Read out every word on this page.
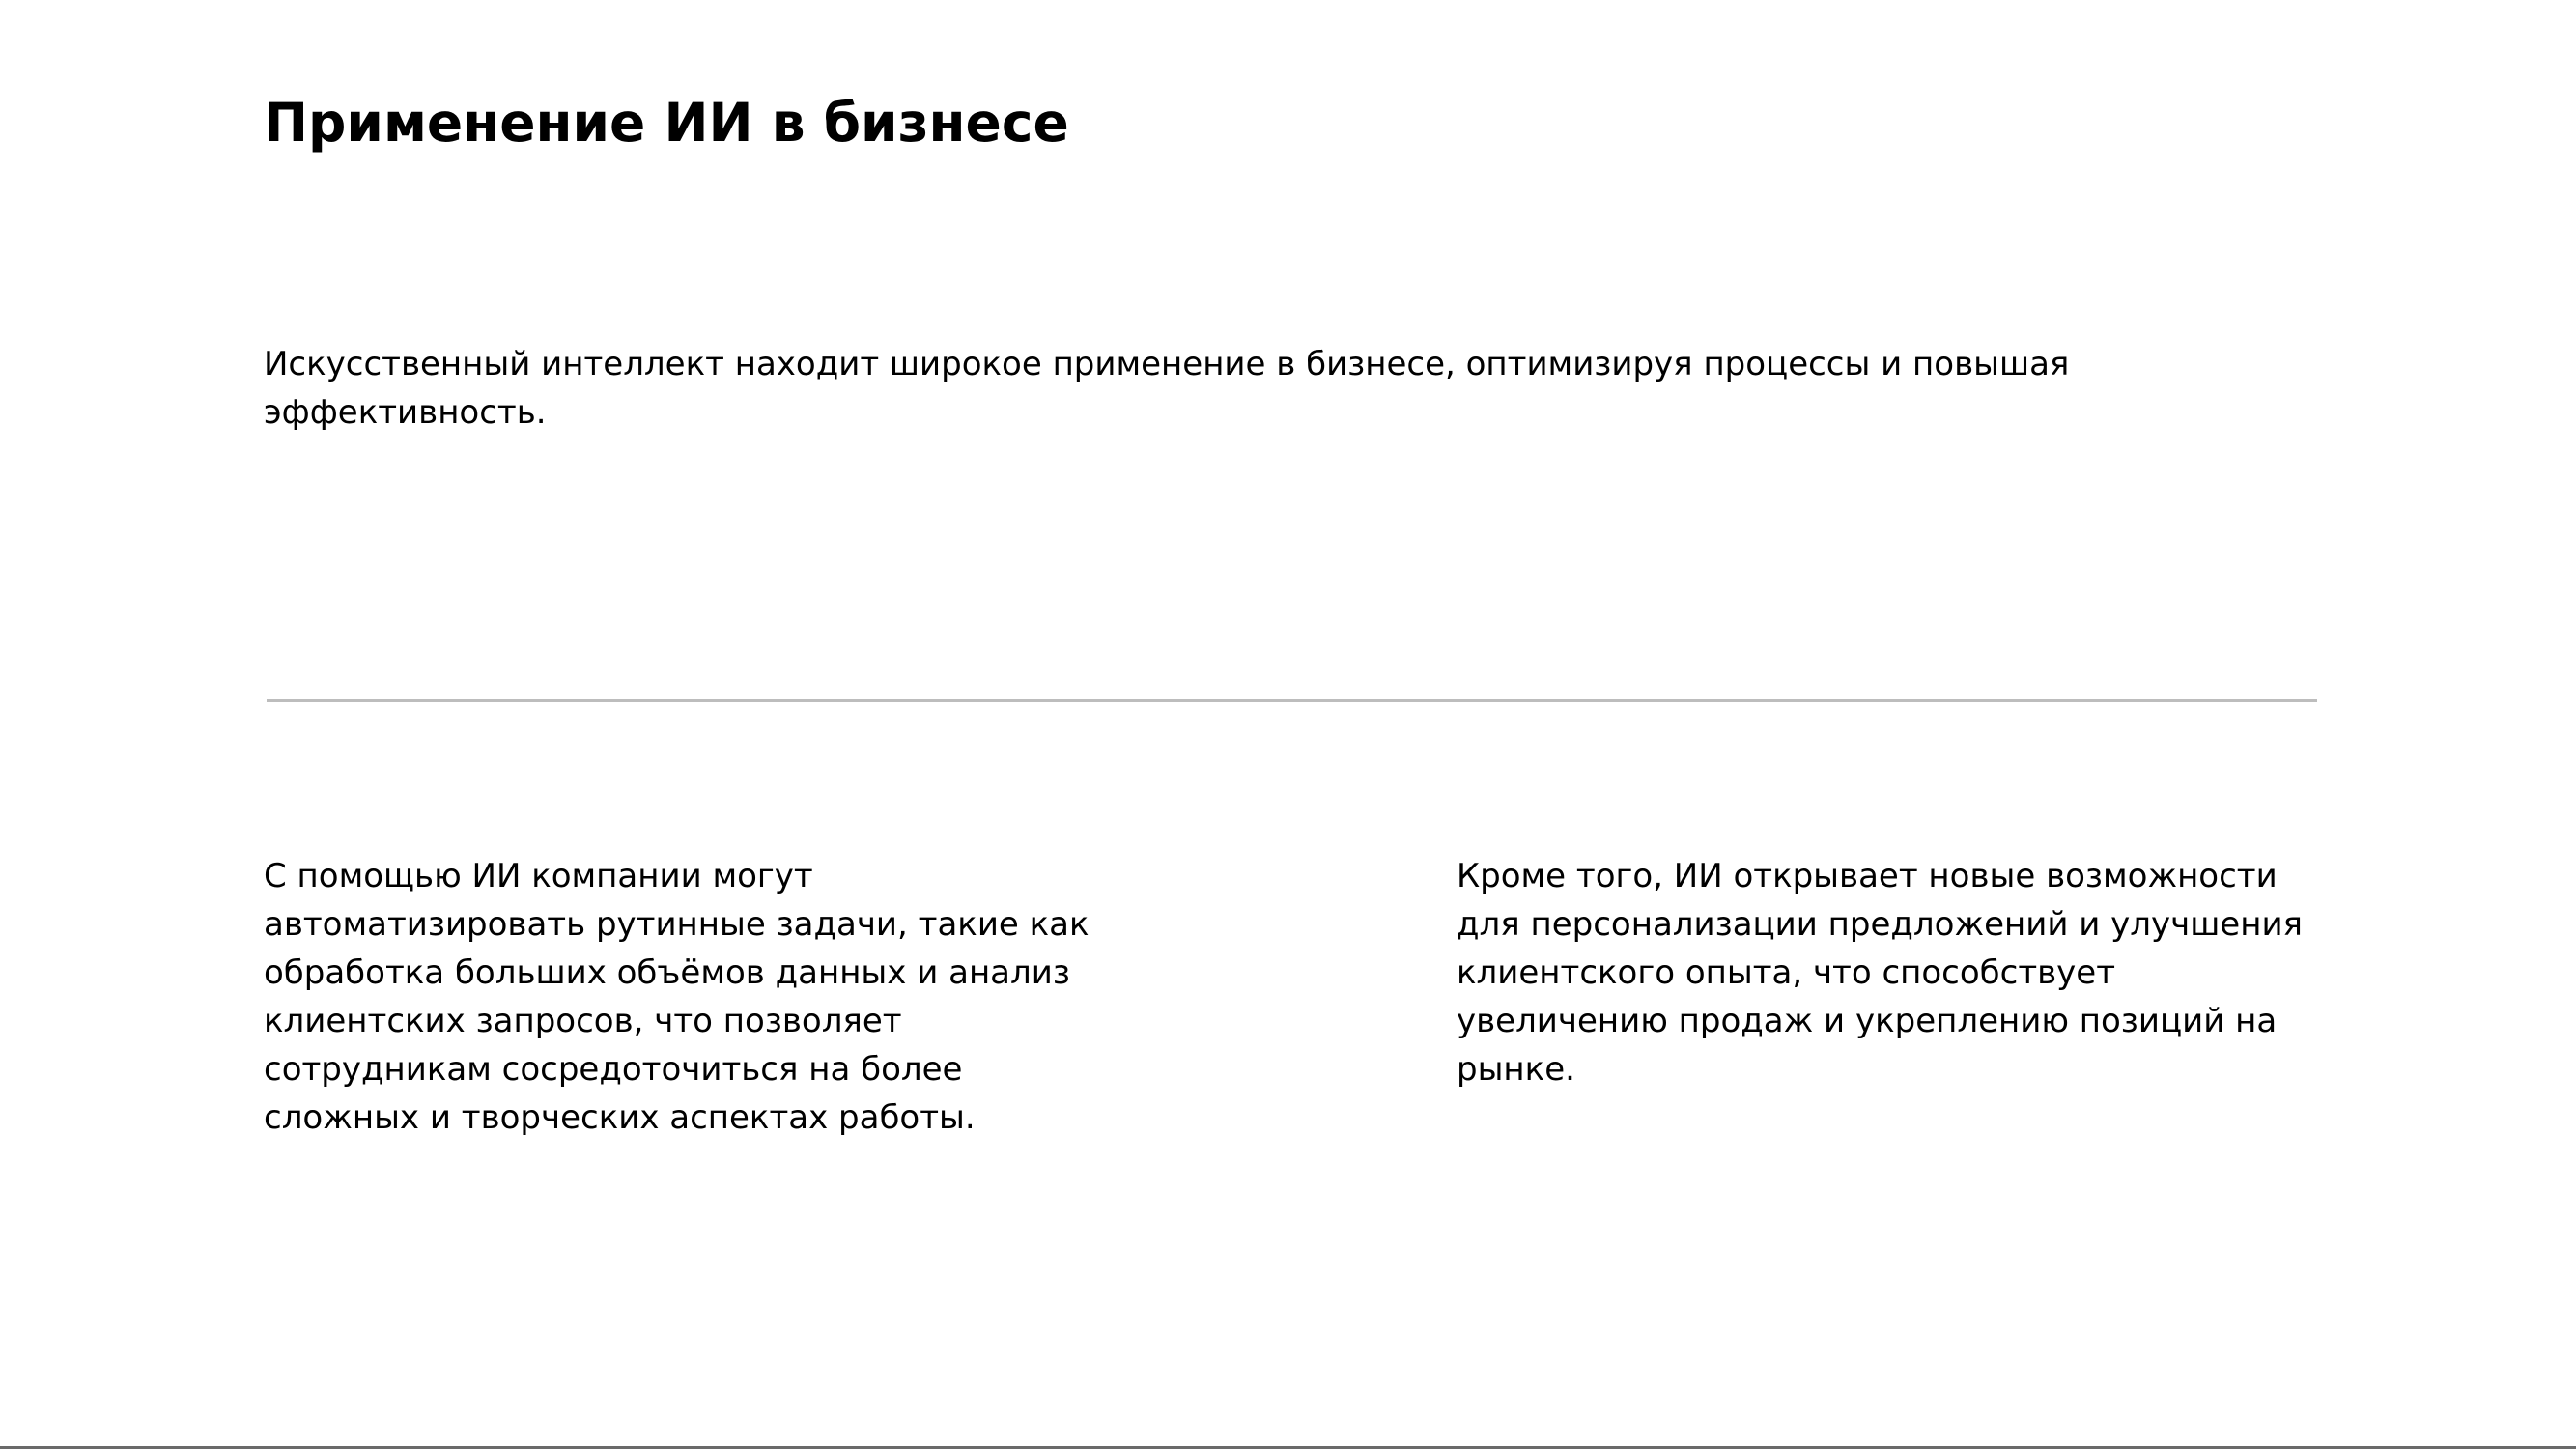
Применение ИИ в бизнесе

Искусственный интеллект находит широкое применение в бизнесе, оптимизируя процессы и повышая эффективность.

С помощью ИИ компании могут автоматизировать рутинные задачи, такие как обработка больших объёмов данных и анализ клиентских запросов, что позволяет сотрудникам сосредоточиться на более сложных и творческих аспектах работы.

Кроме того, ИИ открывает новые возможности для персонализации предложений и улучшения клиентского опыта, что способствует увеличению продаж и укреплению позиций на рынке.
